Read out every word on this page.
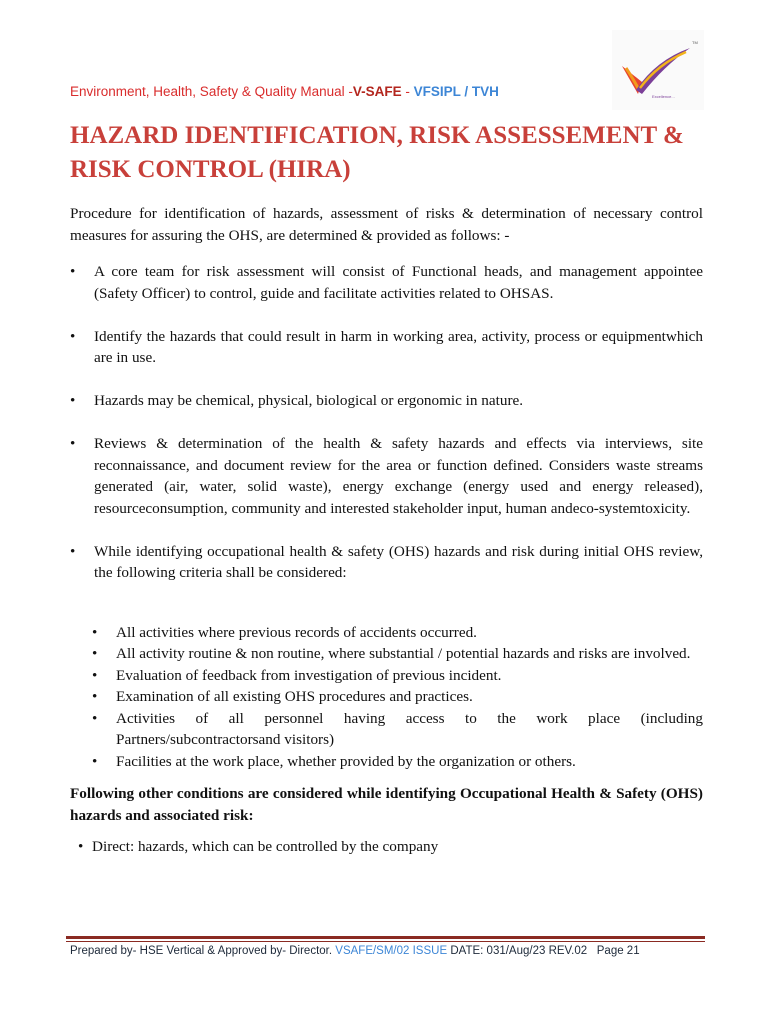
Environment, Health, Safety & Quality Manual -V-SAFE - VFSIPL / TVH
TM
Excellence...
HAZARD IDENTIFICATION, RISK ASSESSEMENT & RISK CONTROL (HIRA)

Procedure for identification of hazards, assessment of risks & determination of necessary control measures for assuring the OHS, are determined & provided as follows: -

• A core team for risk assessment will consist of Functional heads, and management appointee (Safety Officer) to control, guide and facilitate activities related to OHSAS.
• Identify the hazards that could result in harm in working area, activity, process or equipmentwhich are in use.
• Hazards may be chemical, physical, biological or ergonomic in nature.
• Reviews & determination of the health & safety hazards and effects via interviews, site reconnaissance, and document review for the area or function defined. Considers waste streams generated (air, water, solid waste), energy exchange (energy used and energy released), resourceconsumption, community and interested stakeholder input, human andeco-systemtoxicity.
• While identifying occupational health & safety (OHS) hazards and risk during initial OHS review, the following criteria shall be considered:
• All activities where previous records of accidents occurred.
• All activity routine & non routine, where substantial / potential hazards and risks are involved.
• Evaluation of feedback from investigation of previous incident.
• Examination of all existing OHS procedures and practices.
• Activities of all personnel having access to the work place (including Partners/subcontractorsand visitors)
• Facilities at the work place, whether provided by the organization or others.

Following other conditions are considered while identifying Occupational Health & Safety (OHS) hazards and associated risk:

• Direct: hazards, which can be controlled by the company
Prepared by- HSE Vertical & Approved by- Director. VSAFE/SM/02 ISSUE DATE: 031/Aug/23 REV.02 Page 21
